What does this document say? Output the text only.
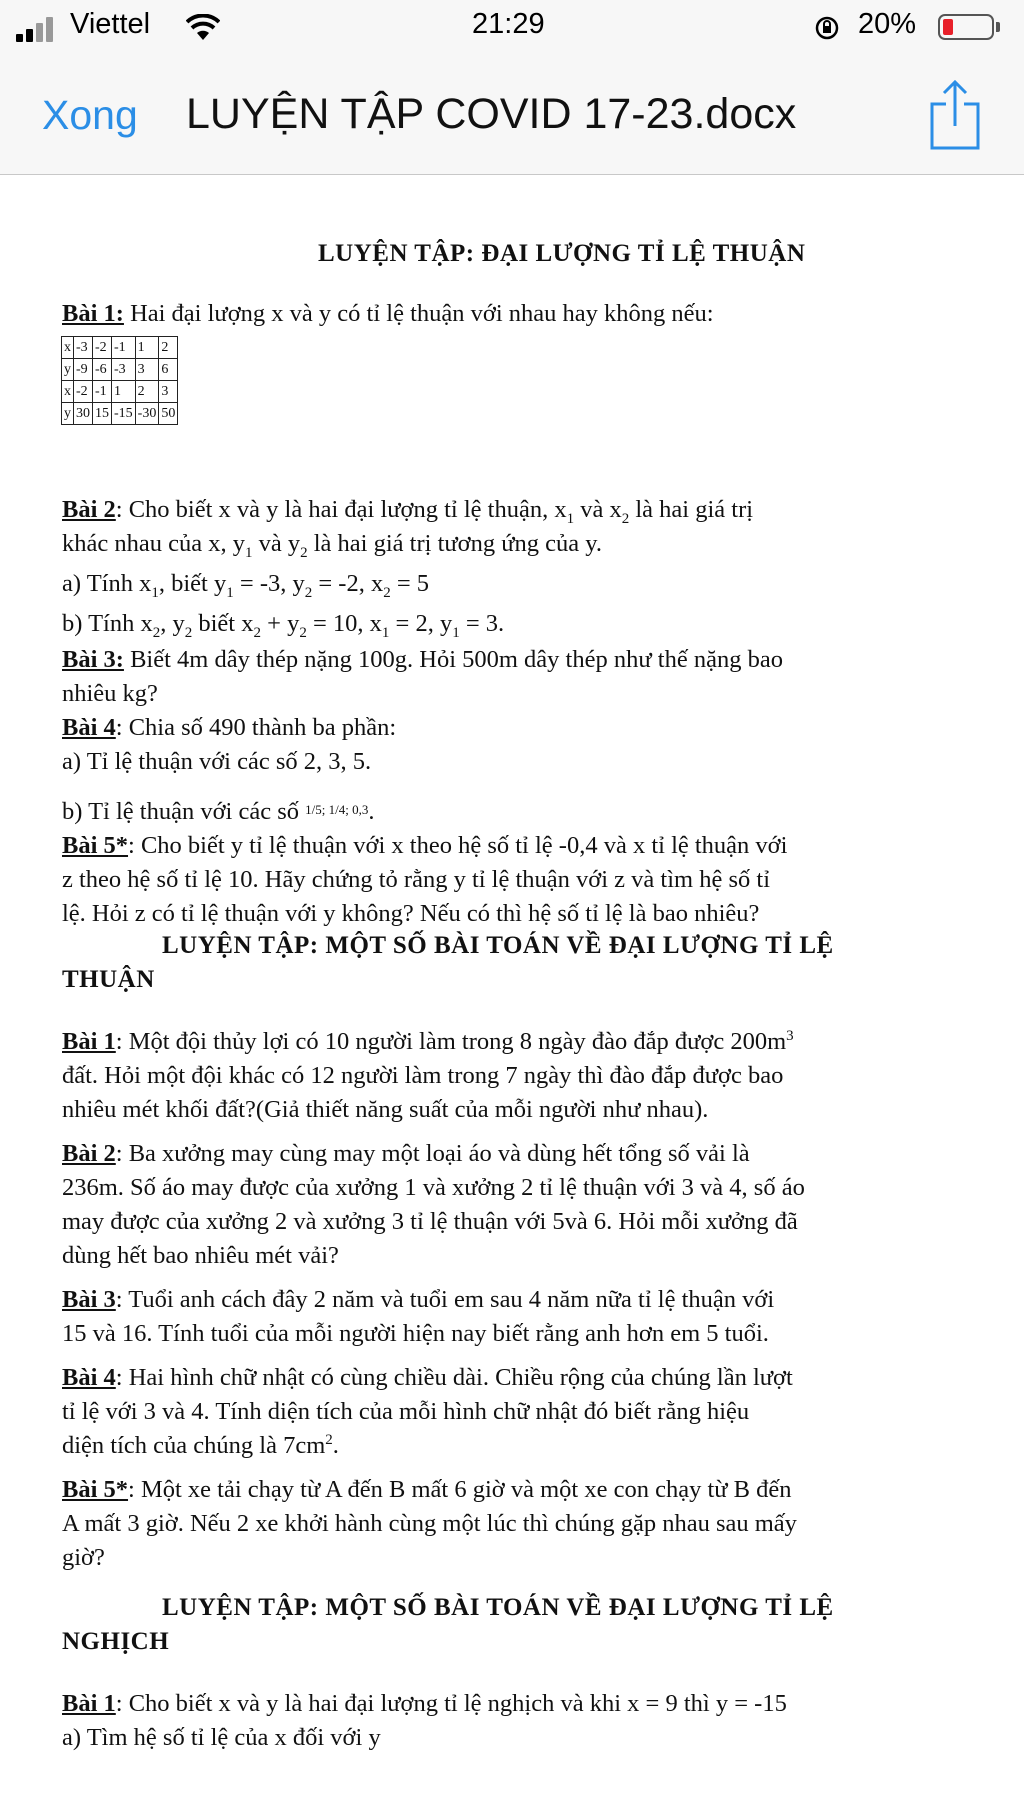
Viettel	21:29	20%
Xong LUYỆN TẬP COVID 17-23.docx
LUYỆN TẬP: ĐẠI LƯỢNG TỈ LỆ THUẬN
Bài 1: Hai đại lượng x và y có tỉ lệ thuận với nhau hay không nếu:
x	-3	-2	-1	1	2
y	-9	-6	-3	3	6
x	-2	-1	1	2	3
y	30	15	-15	-30	50
Bài 2: Cho biết x và y là hai đại lượng tỉ lệ thuận, $x_1$ và $x_2$ là hai giá trị
khác nhau của x, $y_1$ và $y_2$ là hai giá trị tương ứng của y.
a) Tính $x_1$, biết $y_1 = -3$, $y_2 = -2$, $x_2 = 5$
b) Tính $x_2$, $y_2$ biết $x_2 + y_2 = 10$, $x_1 = 2$, $y_1 = 3$.
Bài 3: Biết 4m dây thép nặng 100g. Hỏi 500m dây thép như thế nặng bao
nhiêu kg?
Bài 4: Chia số 490 thành ba phần:
a) Tỉ lệ thuận với các số 2, 3, 5.
b) Tỉ lệ thuận với các số $^{1/5; 1/4; 0,3}$.
Bài 5*: Cho biết y tỉ lệ thuận với x theo hệ số tỉ lệ -0,4 và x tỉ lệ thuận với
z theo hệ số tỉ lệ 10. Hãy chứng tỏ rằng y tỉ lệ thuận với z và tìm hệ số tỉ
lệ. Hỏi z có tỉ lệ thuận với y không? Nếu có thì hệ số tỉ lệ là bao nhiêu?
LUYỆN TẬP: MỘT SỐ BÀI TOÁN VỀ ĐẠI LƯỢNG TỈ LỆ
THUẬN
Bài 1: Một đội thủy lợi có 10 người làm trong 8 ngày đào đắp được $200m^3$
đất. Hỏi một đội khác có 12 người làm trong 7 ngày thì đào đắp được bao
nhiêu mét khối đất?(Giả thiết năng suất của mỗi người như nhau).
Bài 2: Ba xưởng may cùng may một loại áo và dùng hết tổng số vải là
236m. Số áo may được của xưởng 1 và xưởng 2 tỉ lệ thuận với 3 và 4, số áo
may được của xưởng 2 và xưởng 3 tỉ lệ thuận với 5và 6. Hỏi mỗi xưởng đã
dùng hết bao nhiêu mét vải?
Bài 3: Tuổi anh cách đây 2 năm và tuổi em sau 4 năm nữa tỉ lệ thuận với
15 và 16. Tính tuổi của mỗi người hiện nay biết rằng anh hơn em 5 tuổi.
Bài 4: Hai hình chữ nhật có cùng chiều dài. Chiều rộng của chúng lần lượt
tỉ lệ với 3 và 4. Tính diện tích của mỗi hình chữ nhật đó biết rằng hiệu
diện tích của chúng là $7cm^2$.
Bài 5*: Một xe tải chạy từ A đến B mất 6 giờ và một xe con chạy từ B đến
A mất 3 giờ. Nếu 2 xe khởi hành cùng một lúc thì chúng gặp nhau sau mấy
giờ?
LUYỆN TẬP: MỘT SỐ BÀI TOÁN VỀ ĐẠI LƯỢNG TỈ LỆ
NGHỊCH
Bài 1: Cho biết x và y là hai đại lượng tỉ lệ nghịch và khi x = 9 thì y = -15
a) Tìm hệ số tỉ lệ của x đối với y
